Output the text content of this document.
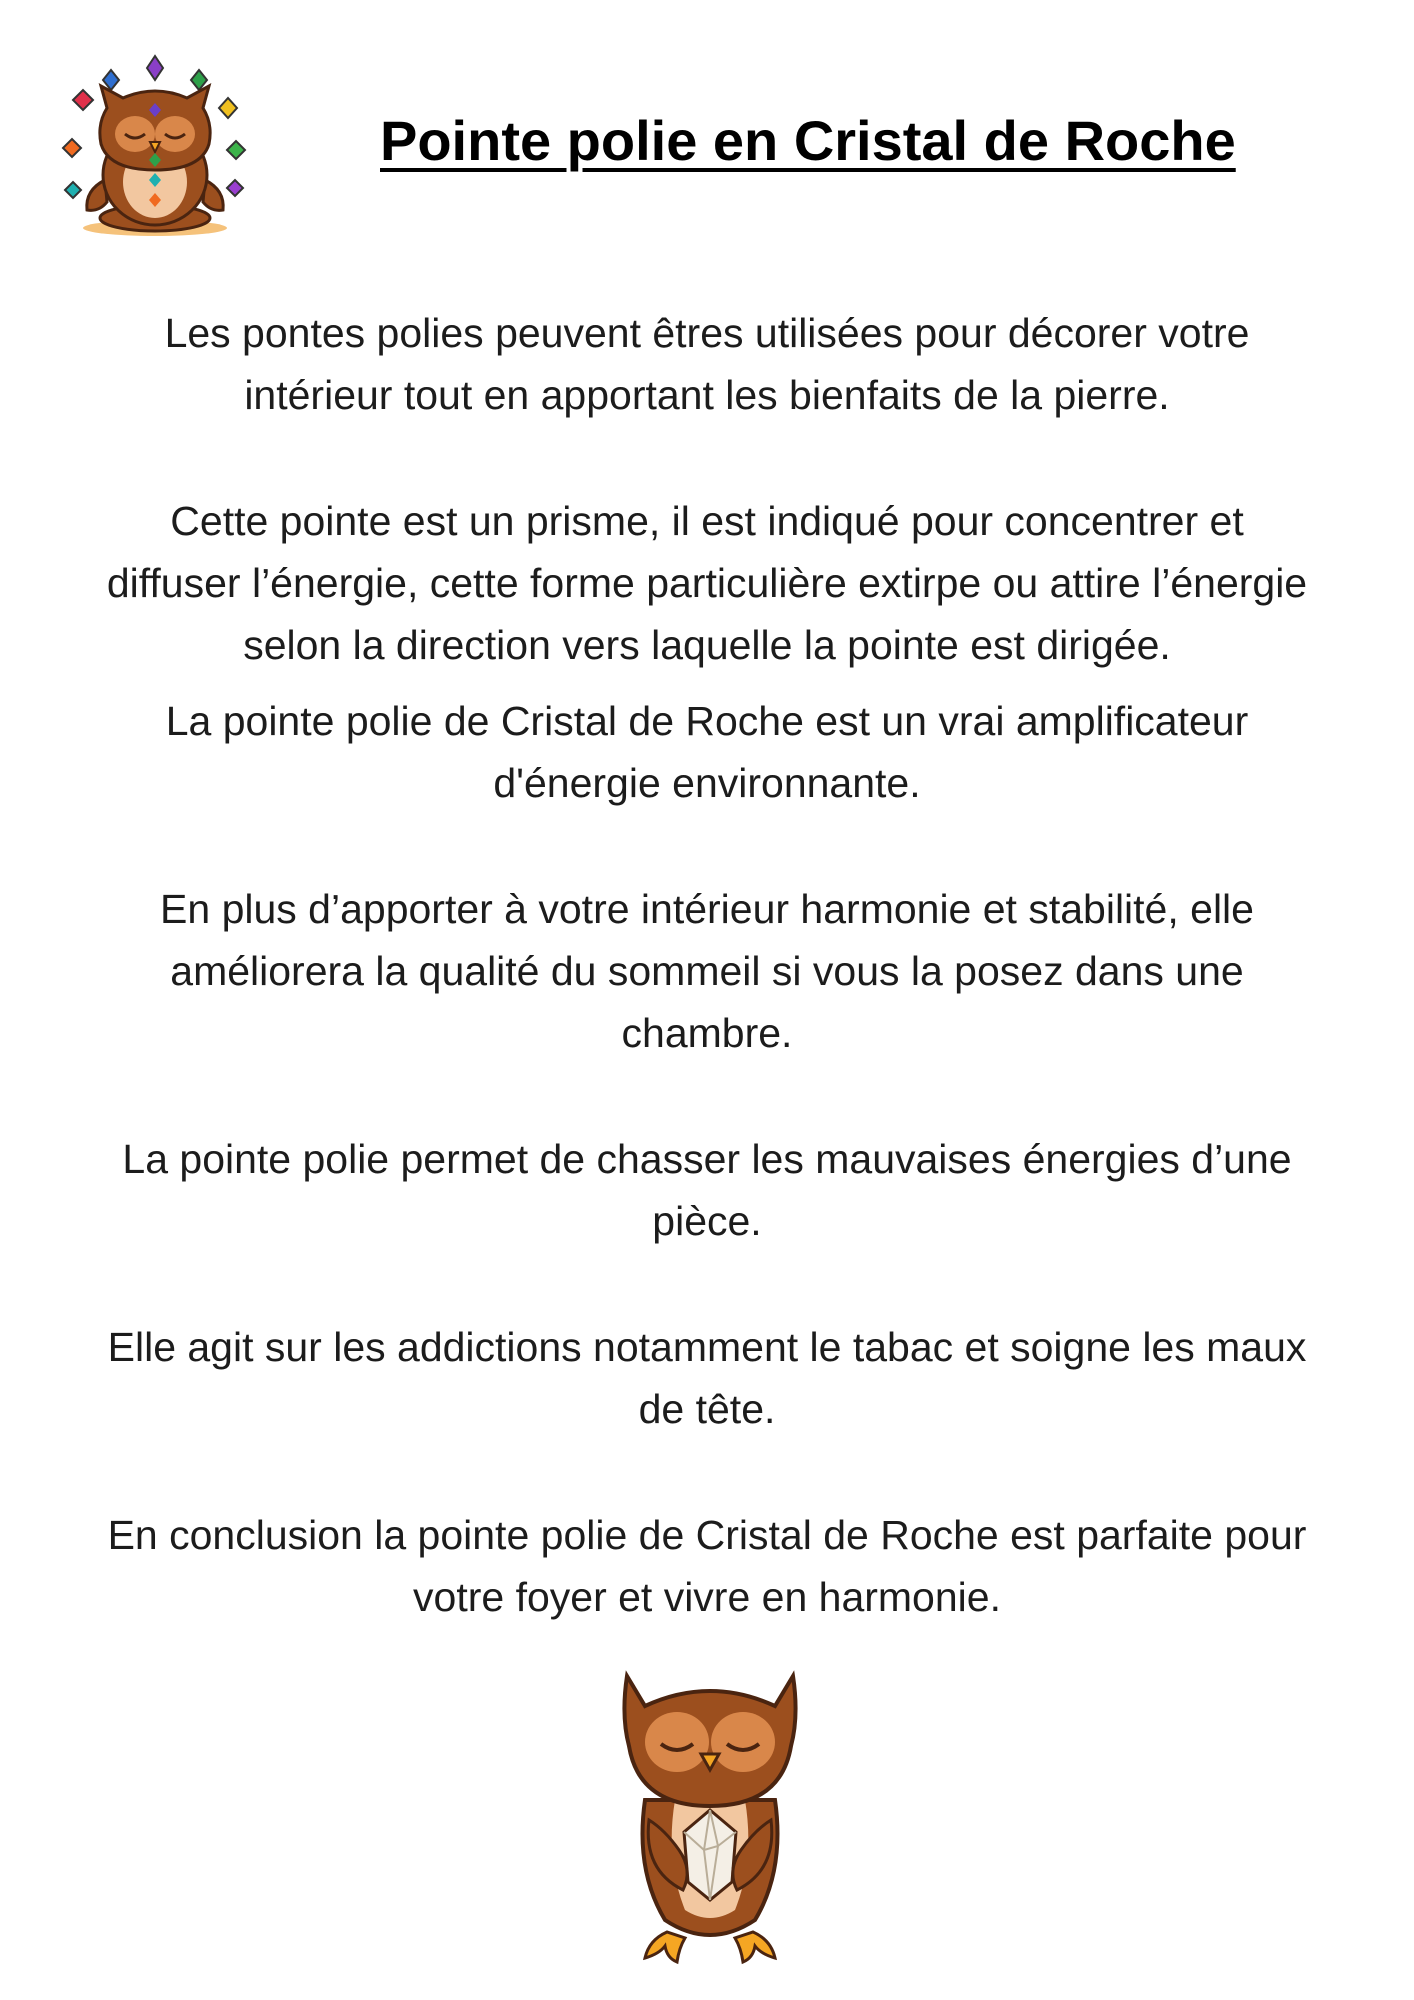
Pointe polie en Cristal de Roche

Les pontes polies peuvent êtres utilisées pour décorer votre
intérieur tout en apportant les bienfaits de la pierre.

Cette pointe est un prisme, il est indiqué pour concentrer et
diffuser l’énergie, cette forme particulière extirpe ou attire l’énergie
selon la direction vers laquelle la pointe est dirigée.

La pointe polie de Cristal de Roche est un vrai amplificateur
d'énergie environnante.

En plus d’apporter à votre intérieur harmonie et stabilité, elle
améliorera la qualité du sommeil si vous la posez dans une
chambre.

La pointe polie permet de chasser les mauvaises énergies d’une
pièce.

Elle agit sur les addictions notamment le tabac et soigne les maux
de tête.

En conclusion la pointe polie de Cristal de Roche est parfaite pour
votre foyer et vivre en harmonie.
